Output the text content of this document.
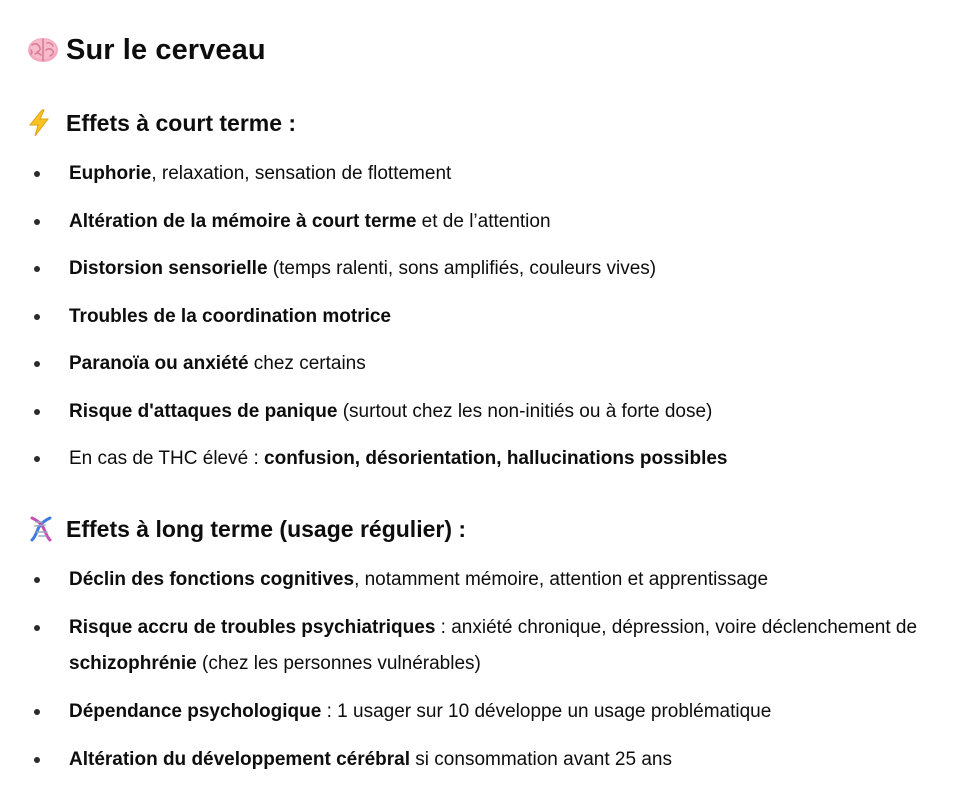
Sur le cerveau
Effets à court terme :
Euphorie, relaxation, sensation de flottement
Altération de la mémoire à court terme et de l’attention
Distorsion sensorielle (temps ralenti, sons amplifiés, couleurs vives)
Troubles de la coordination motrice
Paranoïa ou anxiété chez certains
Risque d'attaques de panique (surtout chez les non-initiés ou à forte dose)
En cas de THC élevé : confusion, désorientation, hallucinations possibles
Effets à long terme (usage régulier) :
Déclin des fonctions cognitives, notamment mémoire, attention et apprentissage
Risque accru de troubles psychiatriques : anxiété chronique, dépression, voire déclenchement de schizophrénie (chez les personnes vulnérables)
Dépendance psychologique : 1 usager sur 10 développe un usage problématique
Altération du développement cérébral si consommation avant 25 ans
